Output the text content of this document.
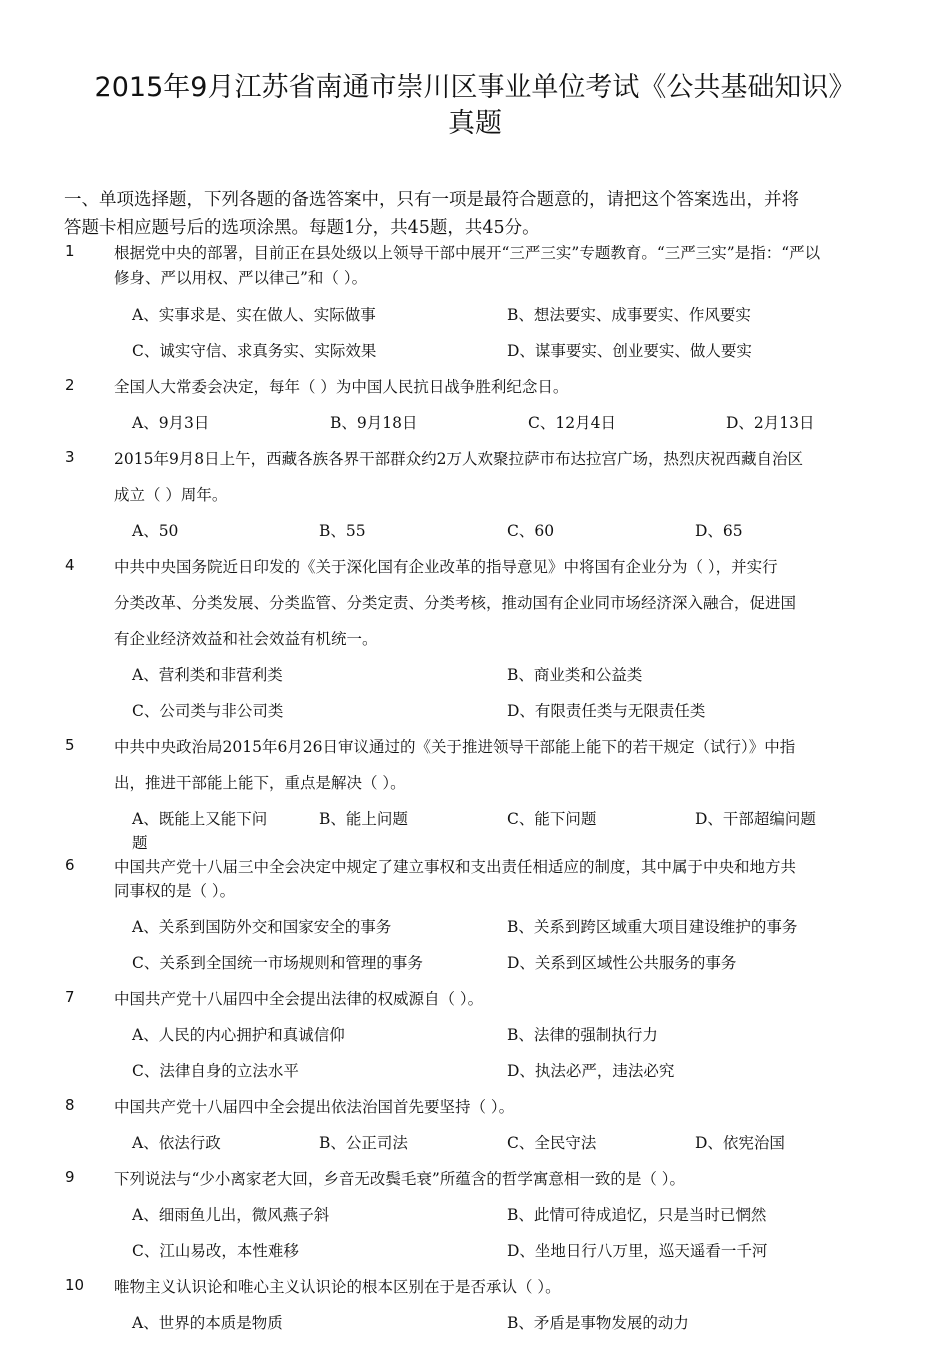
2015年9月江苏省南通市崇川区事业单位考试《公共基础知识》
真题
一、单项选择题，下列各题的备选答案中，只有一项是最符合题意的，请把这个答案选出，并将
答题卡相应题号后的选项涂黑。每题1分，共45题，共45分。
1	根据党中央的部署，目前正在县处级以上领导干部中展开“三严三实”专题教育。“三严三实”是指：“严以
修身、严以用权、严以律己”和（ ）。
A、实事求是、实在做人、实际做事	B、想法要实、成事要实、作风要实
C、诚实守信、求真务实、实际效果	D、谋事要实、创业要实、做人要实
2	全国人大常委会决定，每年（ ）为中国人民抗日战争胜利纪念日。
A、9月3日	B、9月18日	C、12月4日	D、2月13日
3	2015年9月8日上午，西藏各族各界干部群众约2万人欢聚拉萨市布达拉宫广场，热烈庆祝西藏自治区
成立（ ）周年。
A、50	B、55	C、60	D、65
4	中共中央国务院近日印发的《关于深化国有企业改革的指导意见》中将国有企业分为（ ），并实行
分类改革、分类发展、分类监管、分类定责、分类考核，推动国有企业同市场经济深入融合，促进国
有企业经济效益和社会效益有机统一。
A、营利类和非营利类	B、商业类和公益类
C、公司类与非公司类	D、有限责任类与无限责任类
5	中共中央政治局2015年6月26日审议通过的《关于推进领导干部能上能下的若干规定（试行）》中指
出，推进干部能上能下，重点是解决（ ）。
A、既能上又能下问
题
B、能上问题	C、能下问题	D、干部超编问题
6	中国共产党十八届三中全会决定中规定了建立事权和支出责任相适应的制度，其中属于中央和地方共
同事权的是（ ）。
A、关系到国防外交和国家安全的事务	B、关系到跨区域重大项目建设维护的事务
C、关系到全国统一市场规则和管理的事务	D、关系到区域性公共服务的事务
7	中国共产党十八届四中全会提出法律的权威源自（ ）。
A、人民的内心拥护和真诚信仰	B、法律的强制执行力
C、法律自身的立法水平	D、执法必严，违法必究
8	中国共产党十八届四中全会提出依法治国首先要坚持（ ）。
A、依法行政	B、公正司法	C、全民守法	D、依宪治国
9	下列说法与“少小离家老大回，乡音无改鬓毛衰”所蕴含的哲学寓意相一致的是（ ）。
A、细雨鱼儿出，微风燕子斜	B、此情可待成追忆，只是当时已惘然
C、江山易改，本性难移	D、坐地日行八万里，巡天遥看一千河
10 唯物主义认识论和唯心主义认识论的根本区别在于是否承认（ ）。
A、世界的本质是物质	B、矛盾是事物发展的动力
